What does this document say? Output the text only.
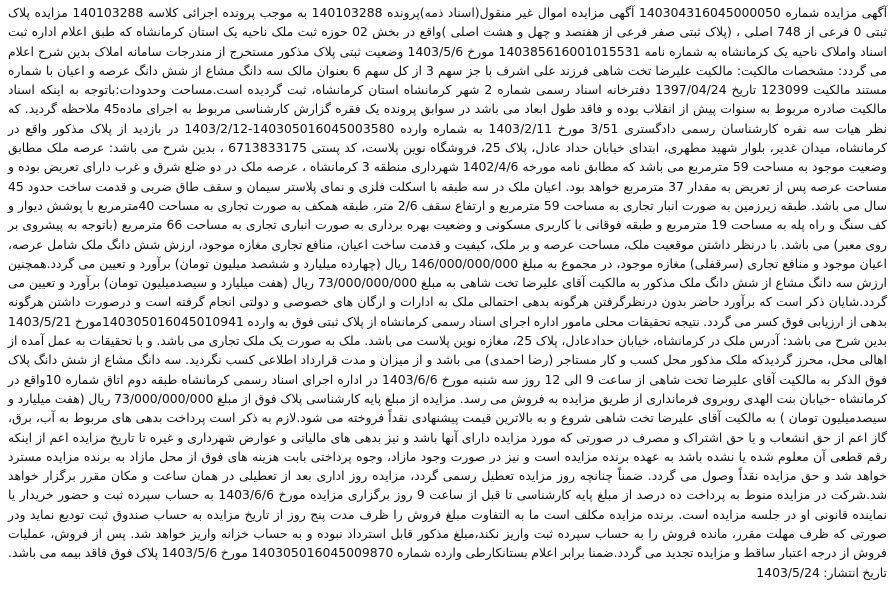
آگهی مزایده شماره 140304316045000050 آگهی مزایده اموال غیر منقول(اسناد ذمه)پرونده 140103288 به موجب پرونده اجرائی کلاسه 140103288 مزایده پلاک ثبتی 0 فرعی از 748 اصلی ، (پلاک ثبتی صفر فرعی از هفتصد و چهل و هشت اصلی )واقع در بخش 02 حوزه ثبت ملک ناحیه یک استان کرمانشاه که طبق اعلام اداره ثبت اسناد واملاک ناحیه یک کرمانشاه به شماره نامه 140385616001015531 مورخ 1403/5/6 وضعیت ثبتی پلاک مذکور مستخرج از مندرجات سامانه املاک بدین شرح اعلام می گردد: مشخصات مالکیت: مالکیت علیرضا تخت شاهی فرزند علی اشرف با جز سهم 3 از کل سهم 6 بعنوان مالک سه دانگ مشاع از شش دانگ عرصه و اعیان با شماره مستند مالکیت 123099 تاریخ 1397/04/24 دفترخانه اسناد رسمی شماره 2 شهر کرمانشاه استان کرمانشاه، ثبت گردیده است.مساحت وحدودات:باتوجه به اینکه اسناد مالکیت صادره مربوط به سنوات پیش از انقلاب بوده و فاقد طول ابعاد می باشد در سوابق پرونده یک فقره گزارش کارشناسی مربوط به اجرای ماده45 ملاحظه گردید. که نظر هیات سه نفره کارشناسان رسمی دادگستری 3/51 مورخ 1403/2/11 به شماره وارده 140305016045003580-1403/2/12 در بازدید از پلاک مذکور واقع در کرمانشاه، میدان غدیر، بلوار شهید مطهری، ابتدای خیابان حداد عادل، پلاک 25، فروشگاه نوین پلاست، کد پستی 6713833175 ، بدین شرح می باشد: عرصه ملک مطابق وضعیت موجود به مساحت 59 مترمربع می باشد که مطابق نامه مورخه 1402/4/6 شهرداری منطقه 3 کرمانشاه ، عرصه ملک در دو ضلع شرق و غرب دارای تعریض بوده و مساحت عرصه پس از تعریض به مقدار 37 مترمربع خواهد بود. اعیان ملک در سه طبقه با اسکلت فلزی و نمای پلاستر سیمان و سقف طاق ضربی و قدمت ساخت حدود 45 سال می باشد. طبقه زیرزمین به صورت انبار تجاری به مساحت 59 مترمربع و ارتفاع سقف 2/6 متر، طبقه همکف به صورت تجاری به مساحت 40مترمربع با پوشش دیوار و کف سنگ و راه پله به مساحت 19 مترمربع و طبقه فوقانی با کاربری مسکونی و وضعیت بهره برداری به صورت انباری تجاری به مساحت 66 مترمربع (باتوجه به پیشروی بر روی معبر) می باشد. با درنظر داشتن موقعیت ملک، مساحت عرصه و بر ملک، کیفیت و قدمت ساخت اعیان، منافع تجاری مغازه موجود، ارزش شش دانگ ملک شامل عرصه، اعیان موجود و منافع تجاری (سرقفلی) مغازه موجود، در مجموع به مبلغ 146/000/000/000 ریال (چهارده میلیارد و ششصد میلیون تومان) برآورد و تعیین می گردد.همچنین ارزش سه دانگ مشاع از شش دانگ ملک مذکور به مالکیت آقای علیرضا تخت شاهی به مبلغ 73/000/000/000 ریال (هفت میلیارد و سیصدمیلیون تومان) برآورد و تعیین می گردد.شایان ذکر است که برآورد حاضر بدون درنظرگرفتن هرگونه بدهی احتمالی ملک به ادارات و ارگان های خصوصی و دولتی انجام گرفته است و درصورت داشتن هرگونه بدهی از ارزیابی فوق کسر می گردد. نتیجه تحقیقات محلی مامور اداره اجرای اسناد رسمی کرمانشاه از پلاک ثبتی فوق به وارده 140305016045010941مورخ 1403/5/21 بدین شرح می باشد: آدرس ملک در کرمانشاه، خیابان حدادعادل، پلاک 25، مغازه نوین پلاست می باشد. ملک به صورت یک ملک تجاری می باشد. و با تحقیقات به عمل آمده از اهالی محل، محرز گردیدکه ملک مذکور محل کسب و کار مستاجر (رضا احمدی) می باشد و از میزان و مدت قرارداد اطلاعی کسب نگردید. سه دانگ مشاع از شش دانگ پلاک فوق الذکر به مالکیت آقای علیرضا تخت شاهی از ساعت 9 الی 12 روز سه شنبه مورخ 1403/6/6 در اداره اجرای اسناد رسمی کرمانشاه طبقه دوم اتاق شماره 10واقع در کرمانشاه -خیابان بنت الهدی روبروی فرمانداری از طریق مزایده به فروش می رسد. مزایده از مبلغ پایه کارشناسی پلاک فوق از مبلغ 73/000/000/000 ریال (هفت میلیارد و سیصدمیلیون تومان ) به مالکیت آقای علیرضا تخت شاهی شروع و به بالاترین قیمت پیشنهادی نقداً فروخته می شود.لازم به ذکر است پرداخت بدهی های مربوط به آب، برق، گاز اعم از حق انشعاب و یا حق اشتراک و مصرف در صورتی که مورد مزایده دارای آنها باشد و نیز بدهی های مالیاتی و عوارض شهرداری و غیره تا تاریخ مزایده اعم از اینکه رقم قطعی آن معلوم شده یا نشده باشد به عهده برنده مزایده است و نیز در صورت وجود مازاد، وجوه پرداختی بابت هزینه های فوق از محل مازاد به برنده مزایده مسترد خواهد شد و حق مزایده نقداً وصول می گردد. ضمناً چنانچه روز مزایده تعطیل رسمی گردد، مزایده روز اداری بعد از تعطیلی در همان ساعت و مکان مقرر برگزار خواهد شد.شرکت در مزایده منوط به پرداخت ده درصد از مبلغ پایه کارشناسی تا قبل از ساعت 9 روز برگزاری مزایده مورخ 1403/6/6 به حساب سپرده ثبت و حضور خریدار یا نماینده قانونی او در جلسه مزایده است. برنده مزایده مکلف است ما به التفاوت مبلغ فروش را ظرف مدت پنج روز از تاریخ مزایده به حساب صندوق ثبت تودیع نماید ودر صورتی که ظرف مهلت مقرر، مانده فروش را به حساب سپرده ثبت واریز نکند،مبلغ مذکور قابل استرداد نبوده و به حساب خزانه واریز خواهد شد. پس از فروش، عملیات فروش از درجه اعتبار ساقط و مزایده تجدید می گردد.ضمنا برابر اعلام بستانکارطی وارده شماره 140305016045009870 مورخ 1403/5/6 پلاک فوق فاقد بیمه می باشد. تاریخ انتشار: 1403/5/24
